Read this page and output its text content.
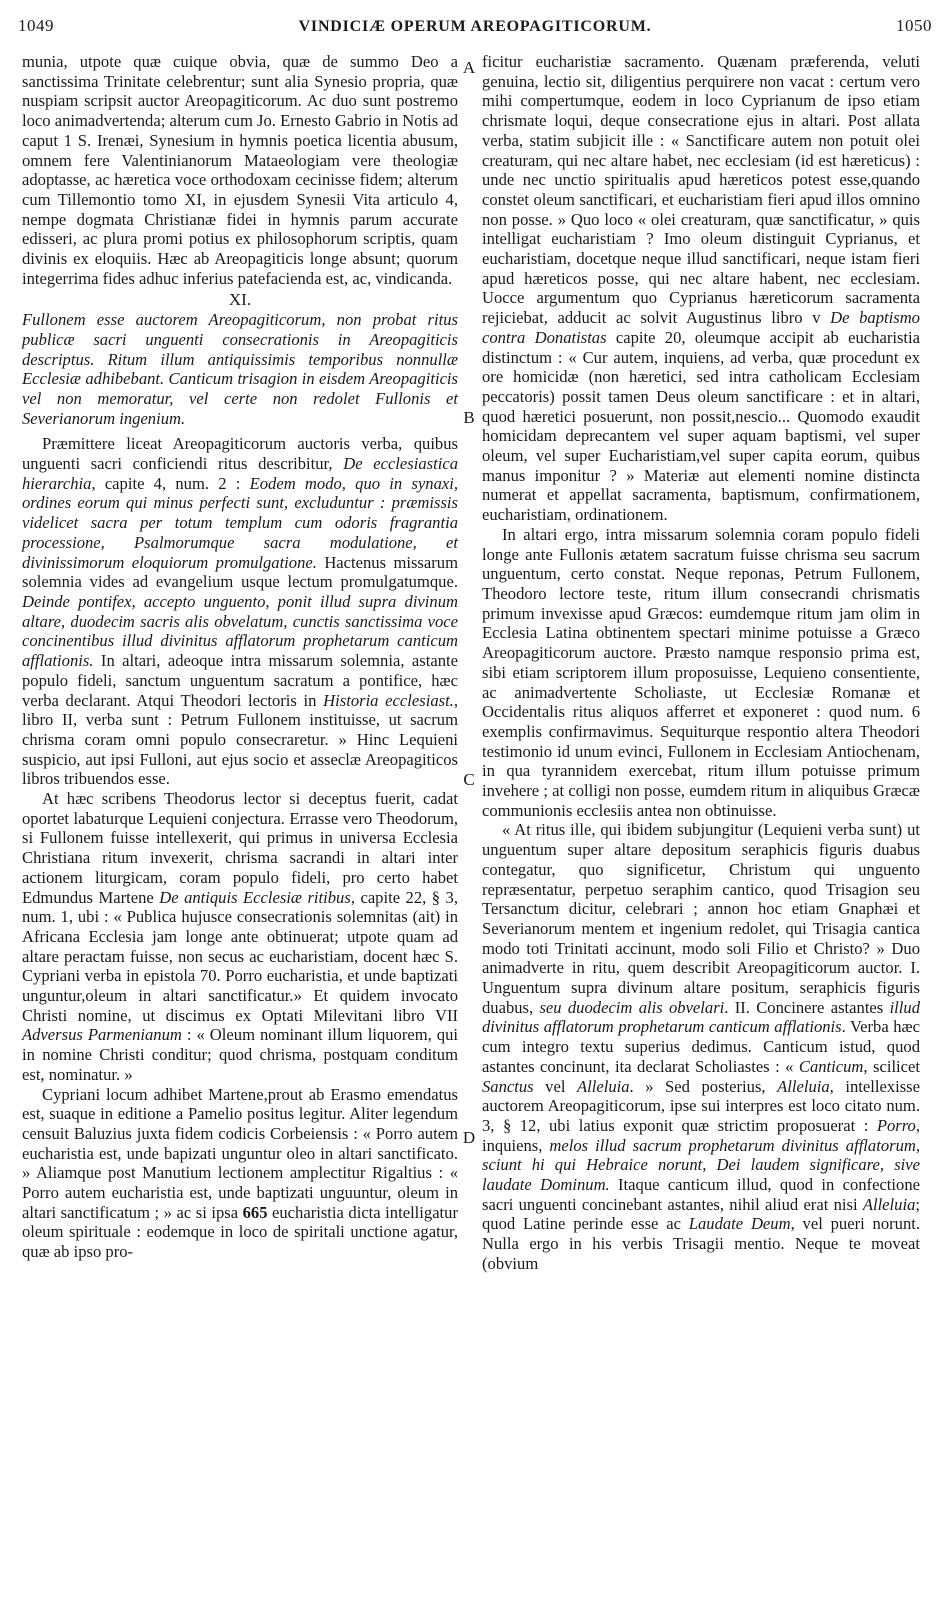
1049	VINDICIÆ OPERUM AREOPAGITICORUM.	1050
A
B
C
D

munia, utpote quæ cuique obvia, quæ de summo Deo a sanctissima Trinitate celebrentur; sunt alia Synesio propria, quæ nuspiam scripsit auctor Areopagiticorum. Ac duo sunt postremo loco animadvertenda; alterum cum Jo. Ernesto Gabrio in Notis ad caput 1 S. Irenæi, Synesium in hymnis poetica licentia abusum, omnem fere Valentinianorum Mataeologiam vere theologiæ adoptasse, ac hæretica voce orthodoxam cecinisse fidem; alterum cum Tillemontio tomo XI, in ejusdem Synesii Vita articulo 4, nempe dogmata Christianæ fidei in hymnis parum accurate edisseri, ac plura promi potius ex philosophorum scriptis, quam divinis ex eloquiis. Hæc ab Areopagiticis longe absunt; quorum integerrima fides adhuc inferius patefacienda est, ac, vindicanda.

XI.

Fullonem esse auctorem Areopagiticorum, non probat ritus publicæ sacri unguenti consecrationis in Areopagiticis descriptus. Ritum illum antiquissimis temporibus nonnullæ Ecclesiæ adhibebant. Canticum trisagion in eisdem Areopagiticis vel non memoratur, vel certe non redolet Fullonis et Severianorum ingenium.

Præmittere liceat Areopagiticorum auctoris verba, quibus unguenti sacri conficiendi ritus describitur, De ecclesiastica hierarchia, capite 4, num. 2 : Eodem modo, quo in synaxi, ordines eorum qui minus perfecti sunt, excluduntur : præmissis videlicet sacra per totum templum cum odoris fragrantia processione, Psalmorumque sacra modulatione, et divinissimorum eloquiorum promulgatione. Hactenus missarum solemnia vides ad evangelium usque lectum promulgatumque. Deinde pontifex, accepto unguento, ponit illud supra divinum altare, duodecim sacris alis obvelatum, cunctis sanctissima voce concinentibus illud divinitus afflatorum prophetarum canticum afflationis. In altari, adeoque intra missarum solemnia, astante populo fideli, sanctum unguentum sacratum a pontifice, hæc verba declarant. Atqui Theodori lectoris in Historia ecclesiast., libro II, verba sunt : Petrum Fullonem instituisse, ut sacrum chrisma coram omni populo consecraretur. » Hinc Lequieni suspicio, aut ipsi Fulloni, aut ejus socio et asseclæ Areopagiticos libros tribuendos esse.

At hæc scribens Theodorus lector si deceptus fuerit, cadat oportet labaturque Lequieni conjectura. Errasse vero Theodorum, si Fullonem fuisse intellexerit, qui primus in universa Ecclesia Christiana ritum invexerit, chrisma sacrandi in altari inter actionem liturgicam, coram populo fideli, pro certo habet Edmundus Martene De antiquis Ecclesiæ ritibus, capite 22, § 3, num. 1, ubi : « Publica hujusce consecrationis solemnitas (ait) in Africana Ecclesia jam longe ante obtinuerat; utpote quam ad altare peractam fuisse, non secus ac eucharistiam, docent hæc S. Cypriani verba in epistola 70. Porro eucharistia, et unde baptizati unguntur,oleum in altari sanctificatur.» Et quidem invocato Christi nomine, ut discimus ex Optati Milevitani libro VII Adversus Parmenianum : « Oleum nominant illum liquorem, qui in nomine Christi conditur; quod chrisma, postquam conditum est, nominatur. »

Cypriani locum adhibet Martene,prout ab Erasmo emendatus est, suaque in editione a Pamelio positus legitur. Aliter legendum censuit Baluzius juxta fidem codicis Corbeiensis : « Porro autem eucharistia est, unde bapizati unguntur oleo in altari sanctificato. » Aliamque post Manutium lectionem amplectitur Rigaltius : « Porro autem eucharistia est, unde baptizati unguuntur, oleum in altari sanctificatum ; » ac si ipsa 665 eucharistia dicta intelligatur oleum spirituale : eodemque in loco de spiritali unctione agatur, quæ ab ipso pro-

ficitur eucharistiæ sacramento. Quænam præferenda, veluti genuina, lectio sit, diligentius perquirere non vacat : certum vero mihi compertumque, eodem in loco Cyprianum de ipso etiam chrismate loqui, deque consecratione ejus in altari. Post allata verba, statim subjicit ille : « Sanctificare autem non potuit olei creaturam, qui nec altare habet, nec ecclesiam (id est hæreticus) : unde nec unctio spiritualis apud hæreticos potest esse,quando constet oleum sanctificari, et eucharistiam fieri apud illos omnino non posse. » Quo loco « olei creaturam, quæ sanctificatur, » quis intelligat eucharistiam ? Imo oleum distinguit Cyprianus, et eucharistiam, docetque neque illud sanctificari, neque istam fieri apud hæreticos posse, qui nec altare habent, nec ecclesiam. Uocce argumentum quo Cyprianus hæreticorum sacramenta rejiciebat, adducit ac solvit Augustinus libro v De baptismo contra Donatistas capite 20, oleumque accipit ab eucharistia distinctum : « Cur autem, inquiens, ad verba, quæ procedunt ex ore homicidæ (non hæretici, sed intra catholicam Ecclesiam peccatoris) possit tamen Deus oleum sanctificare : et in altari, quod hæretici posuerunt, non possit,nescio... Quomodo exaudit homicidam deprecantem vel super aquam baptismi, vel super oleum, vel super Eucharistiam,vel super capita eorum, quibus manus imponitur ? » Materiæ aut elementi nomine distincta numerat et appellat sacramenta, baptismum, confirmationem, eucharistiam, ordinationem.

In altari ergo, intra missarum solemnia coram populo fideli longe ante Fullonis ætatem sacratum fuisse chrisma seu sacrum unguentum, certo constat. Neque reponas, Petrum Fullonem, Theodoro lectore teste, ritum illum consecrandi chrismatis primum invexisse apud Græcos: eumdemque ritum jam olim in Ecclesia Latina obtinentem spectari minime potuisse a Græco Areopagiticorum auctore. Præsto namque responsio prima est, sibi etiam scriptorem illum proposuisse, Lequieno consentiente, ac animadvertente Scholiaste, ut Ecclesiæ Romanæ et Occidentalis ritus aliquos afferret et exponeret : quod num. 6 exemplis confirmavimus. Sequiturque respontio altera Theodori testimonio id unum evinci, Fullonem in Ecclesiam Antiochenam, in qua tyrannidem exercebat, ritum illum potuisse primum invehere ; at colligi non posse, eumdem ritum in aliquibus Græcæ communionis ecclesiis antea non obtinuisse.

« At ritus ille, qui ibidem subjungitur (Lequieni verba sunt) ut unguentum super altare depositum seraphicis figuris duabus contegatur, quo significetur, Christum qui unguento repræsentatur, perpetuo seraphim cantico, quod Trisagion seu Tersanctum dicitur, celebrari ; annon hoc etiam Gnaphæi et Severianorum mentem et ingenium redolet, qui Trisagia cantica modo toti Trinitati accinunt, modo soli Filio et Christo? » Duo animadverte in ritu, quem describit Areopagiticorum auctor. I. Unguentum supra divinum altare positum, seraphicis figuris duabus, seu duodecim alis obvelari. II. Concinere astantes illud divinitus afflatorum prophetarum canticum afflationis. Verba hæc cum integro textu superius dedimus. Canticum istud, quod astantes concinunt, ita declarat Scholiastes : « Canticum, scilicet Sanctus vel Alleluia. » Sed posterius, Alleluia, intellexisse auctorem Areopagiticorum, ipse sui interpres est loco citato num. 3, § 12, ubi latius exponit quæ strictim proposuerat : Porro, inquiens, melos illud sacrum prophetarum divinitus afflatorum, sciunt hi qui Hebraice norunt, Dei laudem significare, sive laudate Dominum. Itaque canticum illud, quod in confectione sacri unguenti concinebant astantes, nihil aliud erat nisi Alleluia; quod Latine perinde esse ac Laudate Deum, vel pueri norunt. Nulla ergo in his verbis Trisagii mentio. Neque te moveat (obvium
